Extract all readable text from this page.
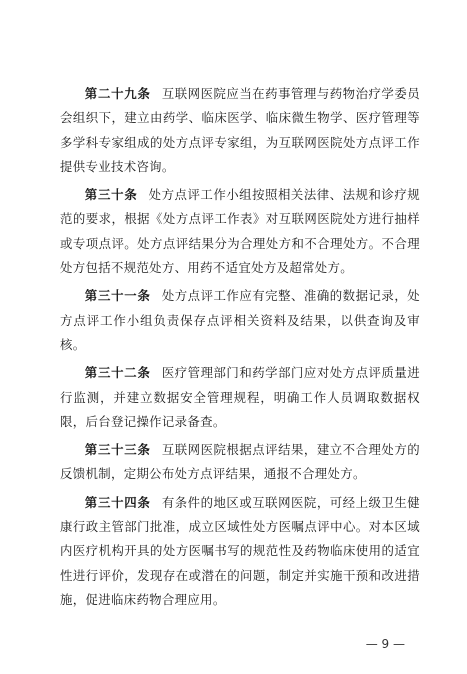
第二十九条 互联网医院应当在药事管理与药物治疗学委员会组织下，建立由药学、临床医学、临床微生物学、医疗管理等多学科专家组成的处方点评专家组，为互联网医院处方点评工作提供专业技术咨询。

第三十条 处方点评工作小组按照相关法律、法规和诊疗规范的要求，根据《处方点评工作表》对互联网医院处方进行抽样或专项点评。处方点评结果分为合理处方和不合理处方。不合理处方包括不规范处方、用药不适宜处方及超常处方。

第三十一条 处方点评工作应有完整、准确的数据记录，处方点评工作小组负责保存点评相关资料及结果，以供查询及审核。

第三十二条 医疗管理部门和药学部门应对处方点评质量进行监测，并建立数据安全管理规程，明确工作人员调取数据权限，后台登记操作记录备查。

第三十三条 互联网医院根据点评结果，建立不合理处方的反馈机制，定期公布处方点评结果，通报不合理处方。

第三十四条 有条件的地区或互联网医院，可经上级卫生健康行政主管部门批准，成立区域性处方医嘱点评中心。对本区域内医疗机构开具的处方医嘱书写的规范性及药物临床使用的适宜性进行评价，发现存在或潜在的问题，制定并实施干预和改进措施，促进临床药物合理应用。

— 9 —
